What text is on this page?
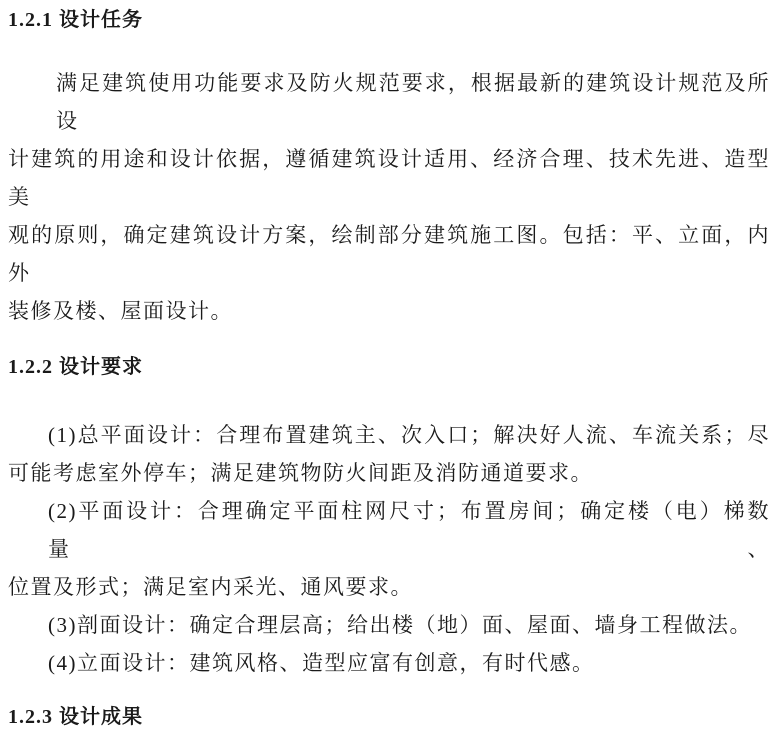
1.2.1 设计任务
满足建筑使用功能要求及防火规范要求，根据最新的建筑设计规范及所设
计建筑的用途和设计依据，遵循建筑设计适用、经济合理、技术先进、造型美
观的原则，确定建筑设计方案，绘制部分建筑施工图。包括：平、立面，内外
装修及楼、屋面设计。
1.2.2 设计要求
(1)总平面设计：合理布置建筑主、次入口；解决好人流、车流关系；尽
可能考虑室外停车；满足建筑物防火间距及消防通道要求。
(2)平面设计：合理确定平面柱网尺寸；布置房间；确定楼（电）梯数量、
位置及形式；满足室内采光、通风要求。
(3)剖面设计：确定合理层高；给出楼（地）面、屋面、墙身工程做法。
(4)立面设计：建筑风格、造型应富有创意，有时代感。
1.2.3 设计成果
